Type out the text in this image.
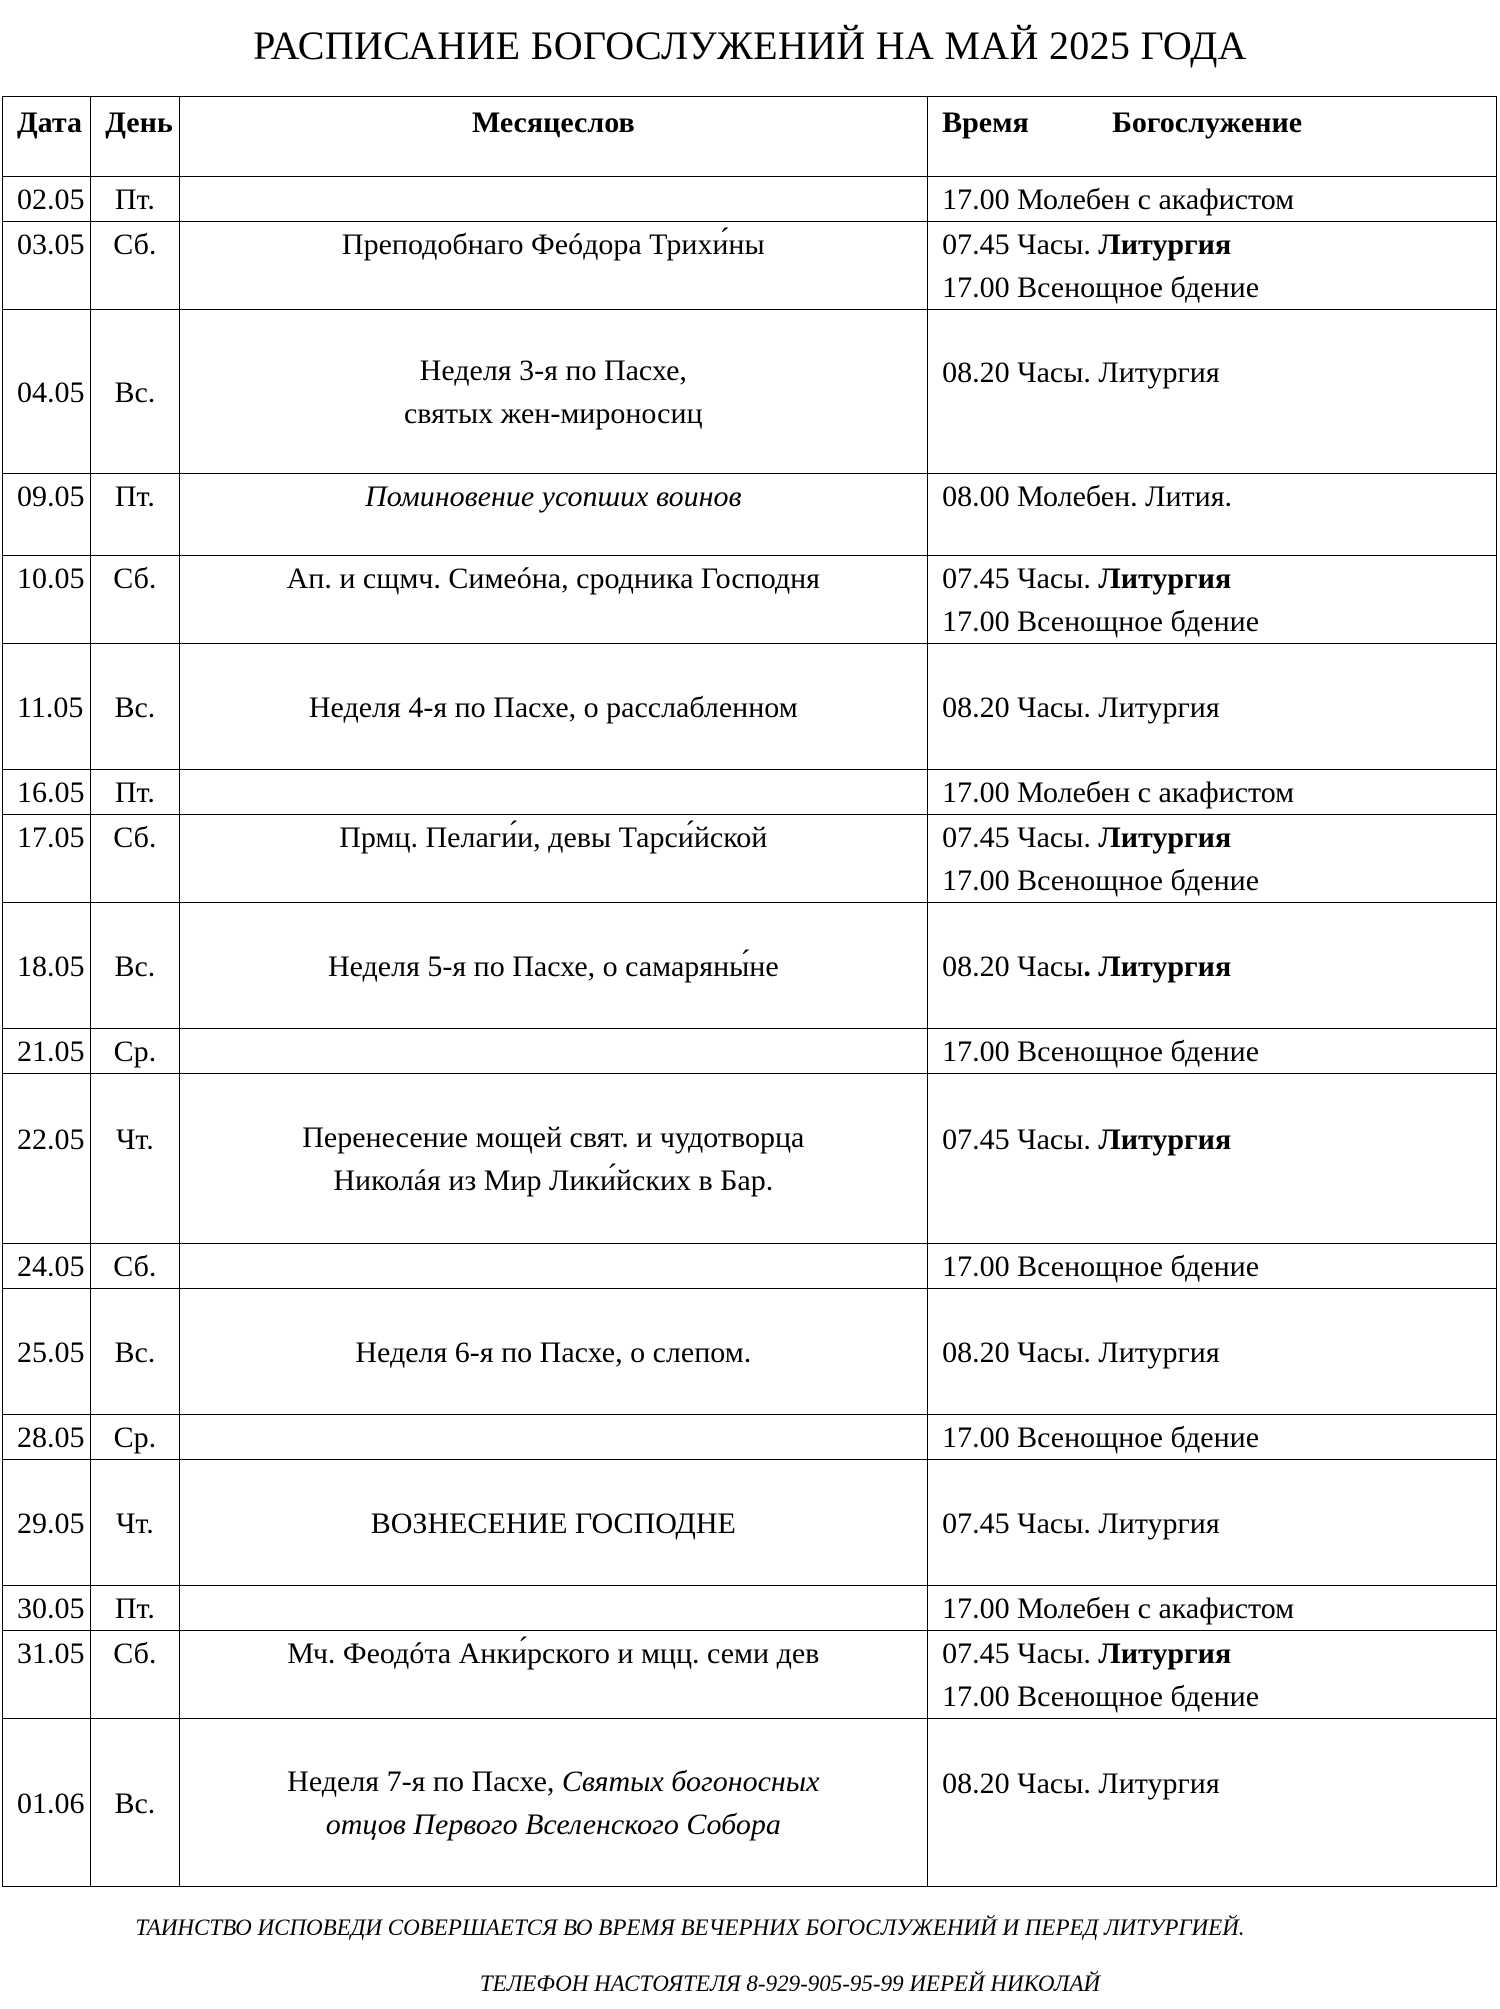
РАСПИСАНИЕ БОГОСЛУЖЕНИЙ НА МАЙ 2025 ГОДА
Дата	День	Месяцеслов	Время Богослужение
02.05	Пт.		17.00 Молебен с акафистом
03.05	Сб.	Преподобнаго Феóдора Трихи́ны	07.45 Часы. Литургия
17.00 Всенощное бдение

04.05	Вс.	Неделя 3-я по Пасхе,
святых жен-мироносиц	08.20 Часы. Литургия
09.05	Пт.	Поминовение усопших воинов	08.00 Молебен. Лития.
10.05	Сб.	Ап. и сщмч. Симеóна, сродника Господня	07.45 Часы. Литургия
17.00 Всенощное бдение

11.05	Вс.	Неделя 4-я по Пасхе, о расслабленном	08.20 Часы. Литургия
16.05	Пт.		17.00 Молебен с акафистом
17.05	Сб.	Прмц. Пелаги́и, девы Тарси́йской	07.45 Часы. Литургия
17.00 Всенощное бдение

18.05	Вс.	Неделя 5-я по Пасхе, о самаряны́не	08.20 Часы. Литургия
21.05	Ср.		17.00 Всенощное бдение
22.05	Чт.	Перенесение мощей свят. и чудотворца
Николáя из Мир Лики́йских в Бар.	07.45 Часы. Литургия
24.05	Сб.		17.00 Всенощное бдение
25.05	Вс.	Неделя 6-я по Пасхе, о слепом.	08.20 Часы. Литургия
28.05	Ср.		17.00 Всенощное бдение
29.05	Чт.	ВОЗНЕСЕНИЕ ГОСПОДНЕ	07.45 Часы. Литургия
30.05	Пт.		17.00 Молебен с акафистом
31.05	Сб.	Мч. Феодóта Анки́рского и мцц. семи дев	07.45 Часы. Литургия
17.00 Всенощное бдение

01.06	Вс.	Неделя 7-я по Пасхе, Святых богоносных
отцов Первого Вселенского Собора	08.20 Часы. Литургия
ТАИНСТВО ИСПОВЕДИ СОВЕРШАЕТСЯ ВО ВРЕМЯ ВЕЧЕРНИХ БОГОСЛУЖЕНИЙ И ПЕРЕД ЛИТУРГИЕЙ.
ТЕЛЕФОН НАСТОЯТЕЛЯ 8-929-905-95-99 ИЕРЕЙ НИКОЛАЙ
